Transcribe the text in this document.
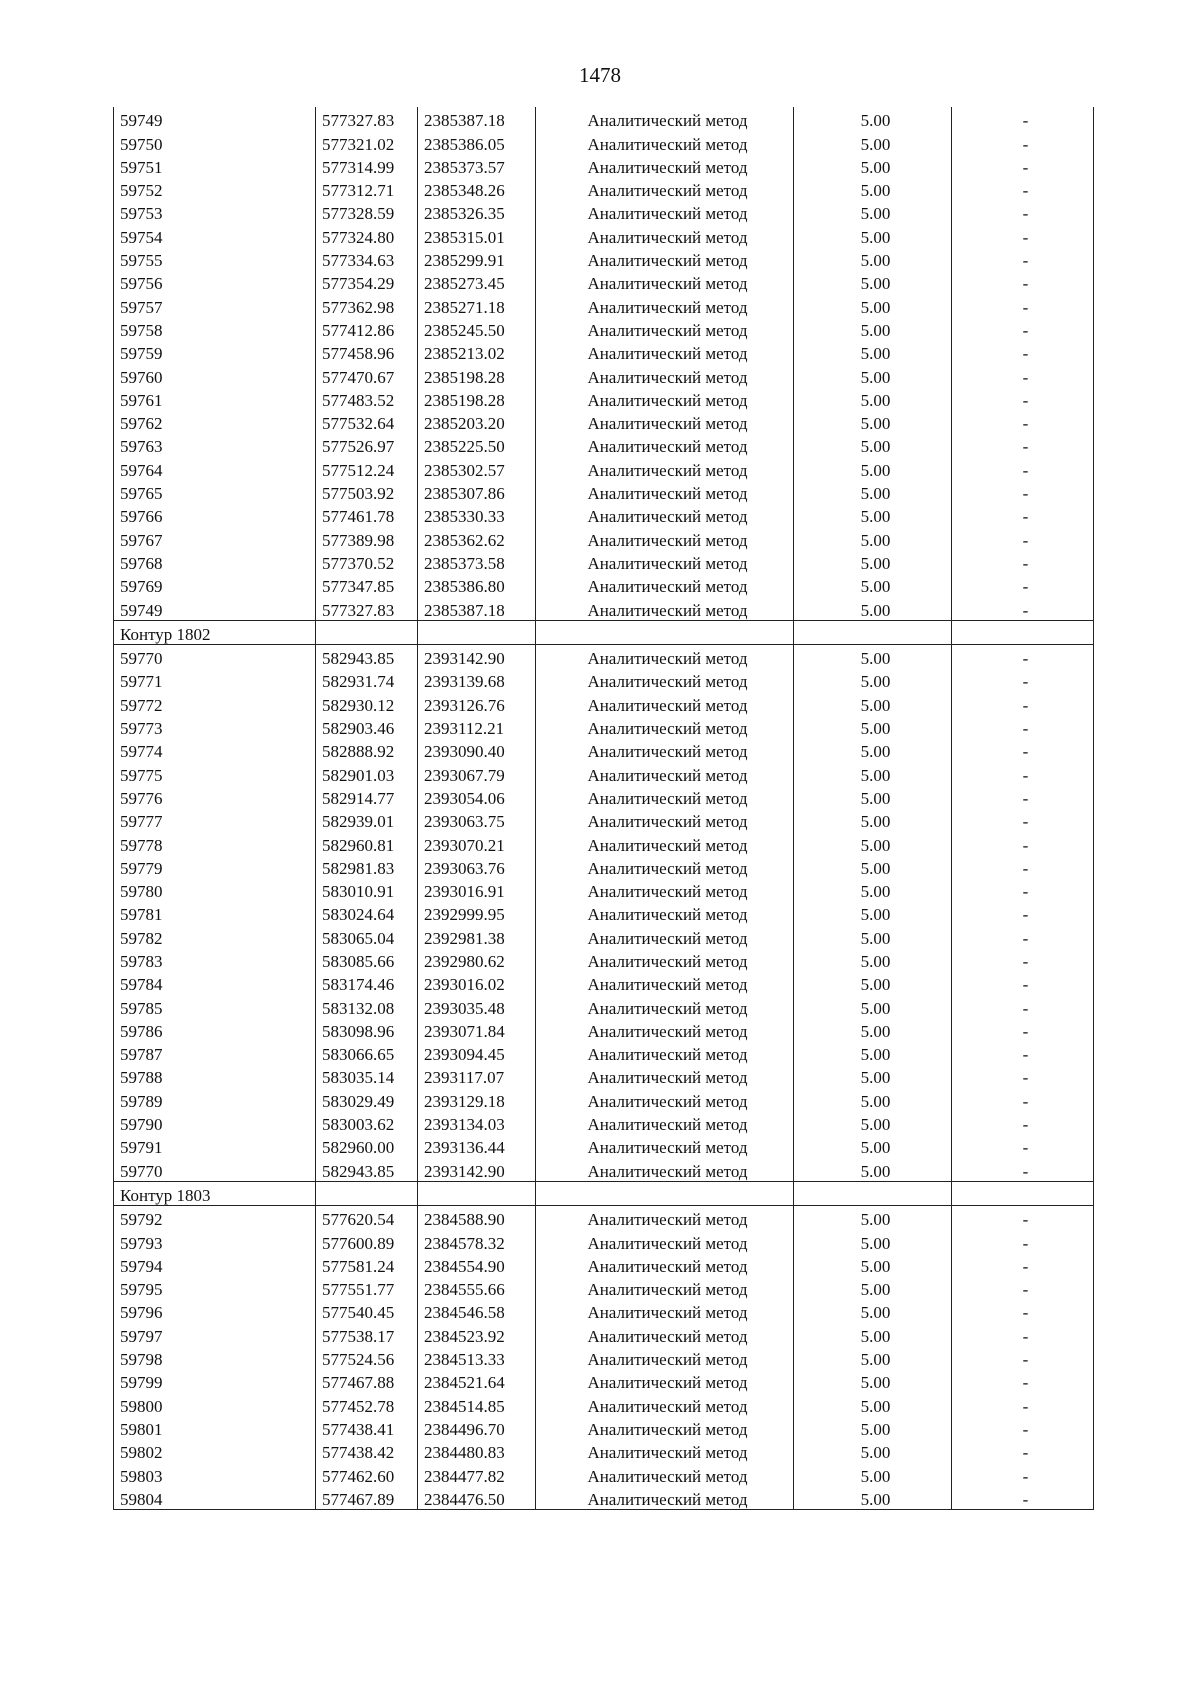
1478
59749	577327.83	2385387.18	Аналитический метод	5.00	-
59750	577321.02	2385386.05	Аналитический метод	5.00	-
59751	577314.99	2385373.57	Аналитический метод	5.00	-
59752	577312.71	2385348.26	Аналитический метод	5.00	-
59753	577328.59	2385326.35	Аналитический метод	5.00	-
59754	577324.80	2385315.01	Аналитический метод	5.00	-
59755	577334.63	2385299.91	Аналитический метод	5.00	-
59756	577354.29	2385273.45	Аналитический метод	5.00	-
59757	577362.98	2385271.18	Аналитический метод	5.00	-
59758	577412.86	2385245.50	Аналитический метод	5.00	-
59759	577458.96	2385213.02	Аналитический метод	5.00	-
59760	577470.67	2385198.28	Аналитический метод	5.00	-
59761	577483.52	2385198.28	Аналитический метод	5.00	-
59762	577532.64	2385203.20	Аналитический метод	5.00	-
59763	577526.97	2385225.50	Аналитический метод	5.00	-
59764	577512.24	2385302.57	Аналитический метод	5.00	-
59765	577503.92	2385307.86	Аналитический метод	5.00	-
59766	577461.78	2385330.33	Аналитический метод	5.00	-
59767	577389.98	2385362.62	Аналитический метод	5.00	-
59768	577370.52	2385373.58	Аналитический метод	5.00	-
59769	577347.85	2385386.80	Аналитический метод	5.00	-
59749	577327.83	2385387.18	Аналитический метод	5.00	-
Контур 1802					
59770	582943.85	2393142.90	Аналитический метод	5.00	-
59771	582931.74	2393139.68	Аналитический метод	5.00	-
59772	582930.12	2393126.76	Аналитический метод	5.00	-
59773	582903.46	2393112.21	Аналитический метод	5.00	-
59774	582888.92	2393090.40	Аналитический метод	5.00	-
59775	582901.03	2393067.79	Аналитический метод	5.00	-
59776	582914.77	2393054.06	Аналитический метод	5.00	-
59777	582939.01	2393063.75	Аналитический метод	5.00	-
59778	582960.81	2393070.21	Аналитический метод	5.00	-
59779	582981.83	2393063.76	Аналитический метод	5.00	-
59780	583010.91	2393016.91	Аналитический метод	5.00	-
59781	583024.64	2392999.95	Аналитический метод	5.00	-
59782	583065.04	2392981.38	Аналитический метод	5.00	-
59783	583085.66	2392980.62	Аналитический метод	5.00	-
59784	583174.46	2393016.02	Аналитический метод	5.00	-
59785	583132.08	2393035.48	Аналитический метод	5.00	-
59786	583098.96	2393071.84	Аналитический метод	5.00	-
59787	583066.65	2393094.45	Аналитический метод	5.00	-
59788	583035.14	2393117.07	Аналитический метод	5.00	-
59789	583029.49	2393129.18	Аналитический метод	5.00	-
59790	583003.62	2393134.03	Аналитический метод	5.00	-
59791	582960.00	2393136.44	Аналитический метод	5.00	-
59770	582943.85	2393142.90	Аналитический метод	5.00	-
Контур 1803					
59792	577620.54	2384588.90	Аналитический метод	5.00	-
59793	577600.89	2384578.32	Аналитический метод	5.00	-
59794	577581.24	2384554.90	Аналитический метод	5.00	-
59795	577551.77	2384555.66	Аналитический метод	5.00	-
59796	577540.45	2384546.58	Аналитический метод	5.00	-
59797	577538.17	2384523.92	Аналитический метод	5.00	-
59798	577524.56	2384513.33	Аналитический метод	5.00	-
59799	577467.88	2384521.64	Аналитический метод	5.00	-
59800	577452.78	2384514.85	Аналитический метод	5.00	-
59801	577438.41	2384496.70	Аналитический метод	5.00	-
59802	577438.42	2384480.83	Аналитический метод	5.00	-
59803	577462.60	2384477.82	Аналитический метод	5.00	-
59804	577467.89	2384476.50	Аналитический метод	5.00	-
